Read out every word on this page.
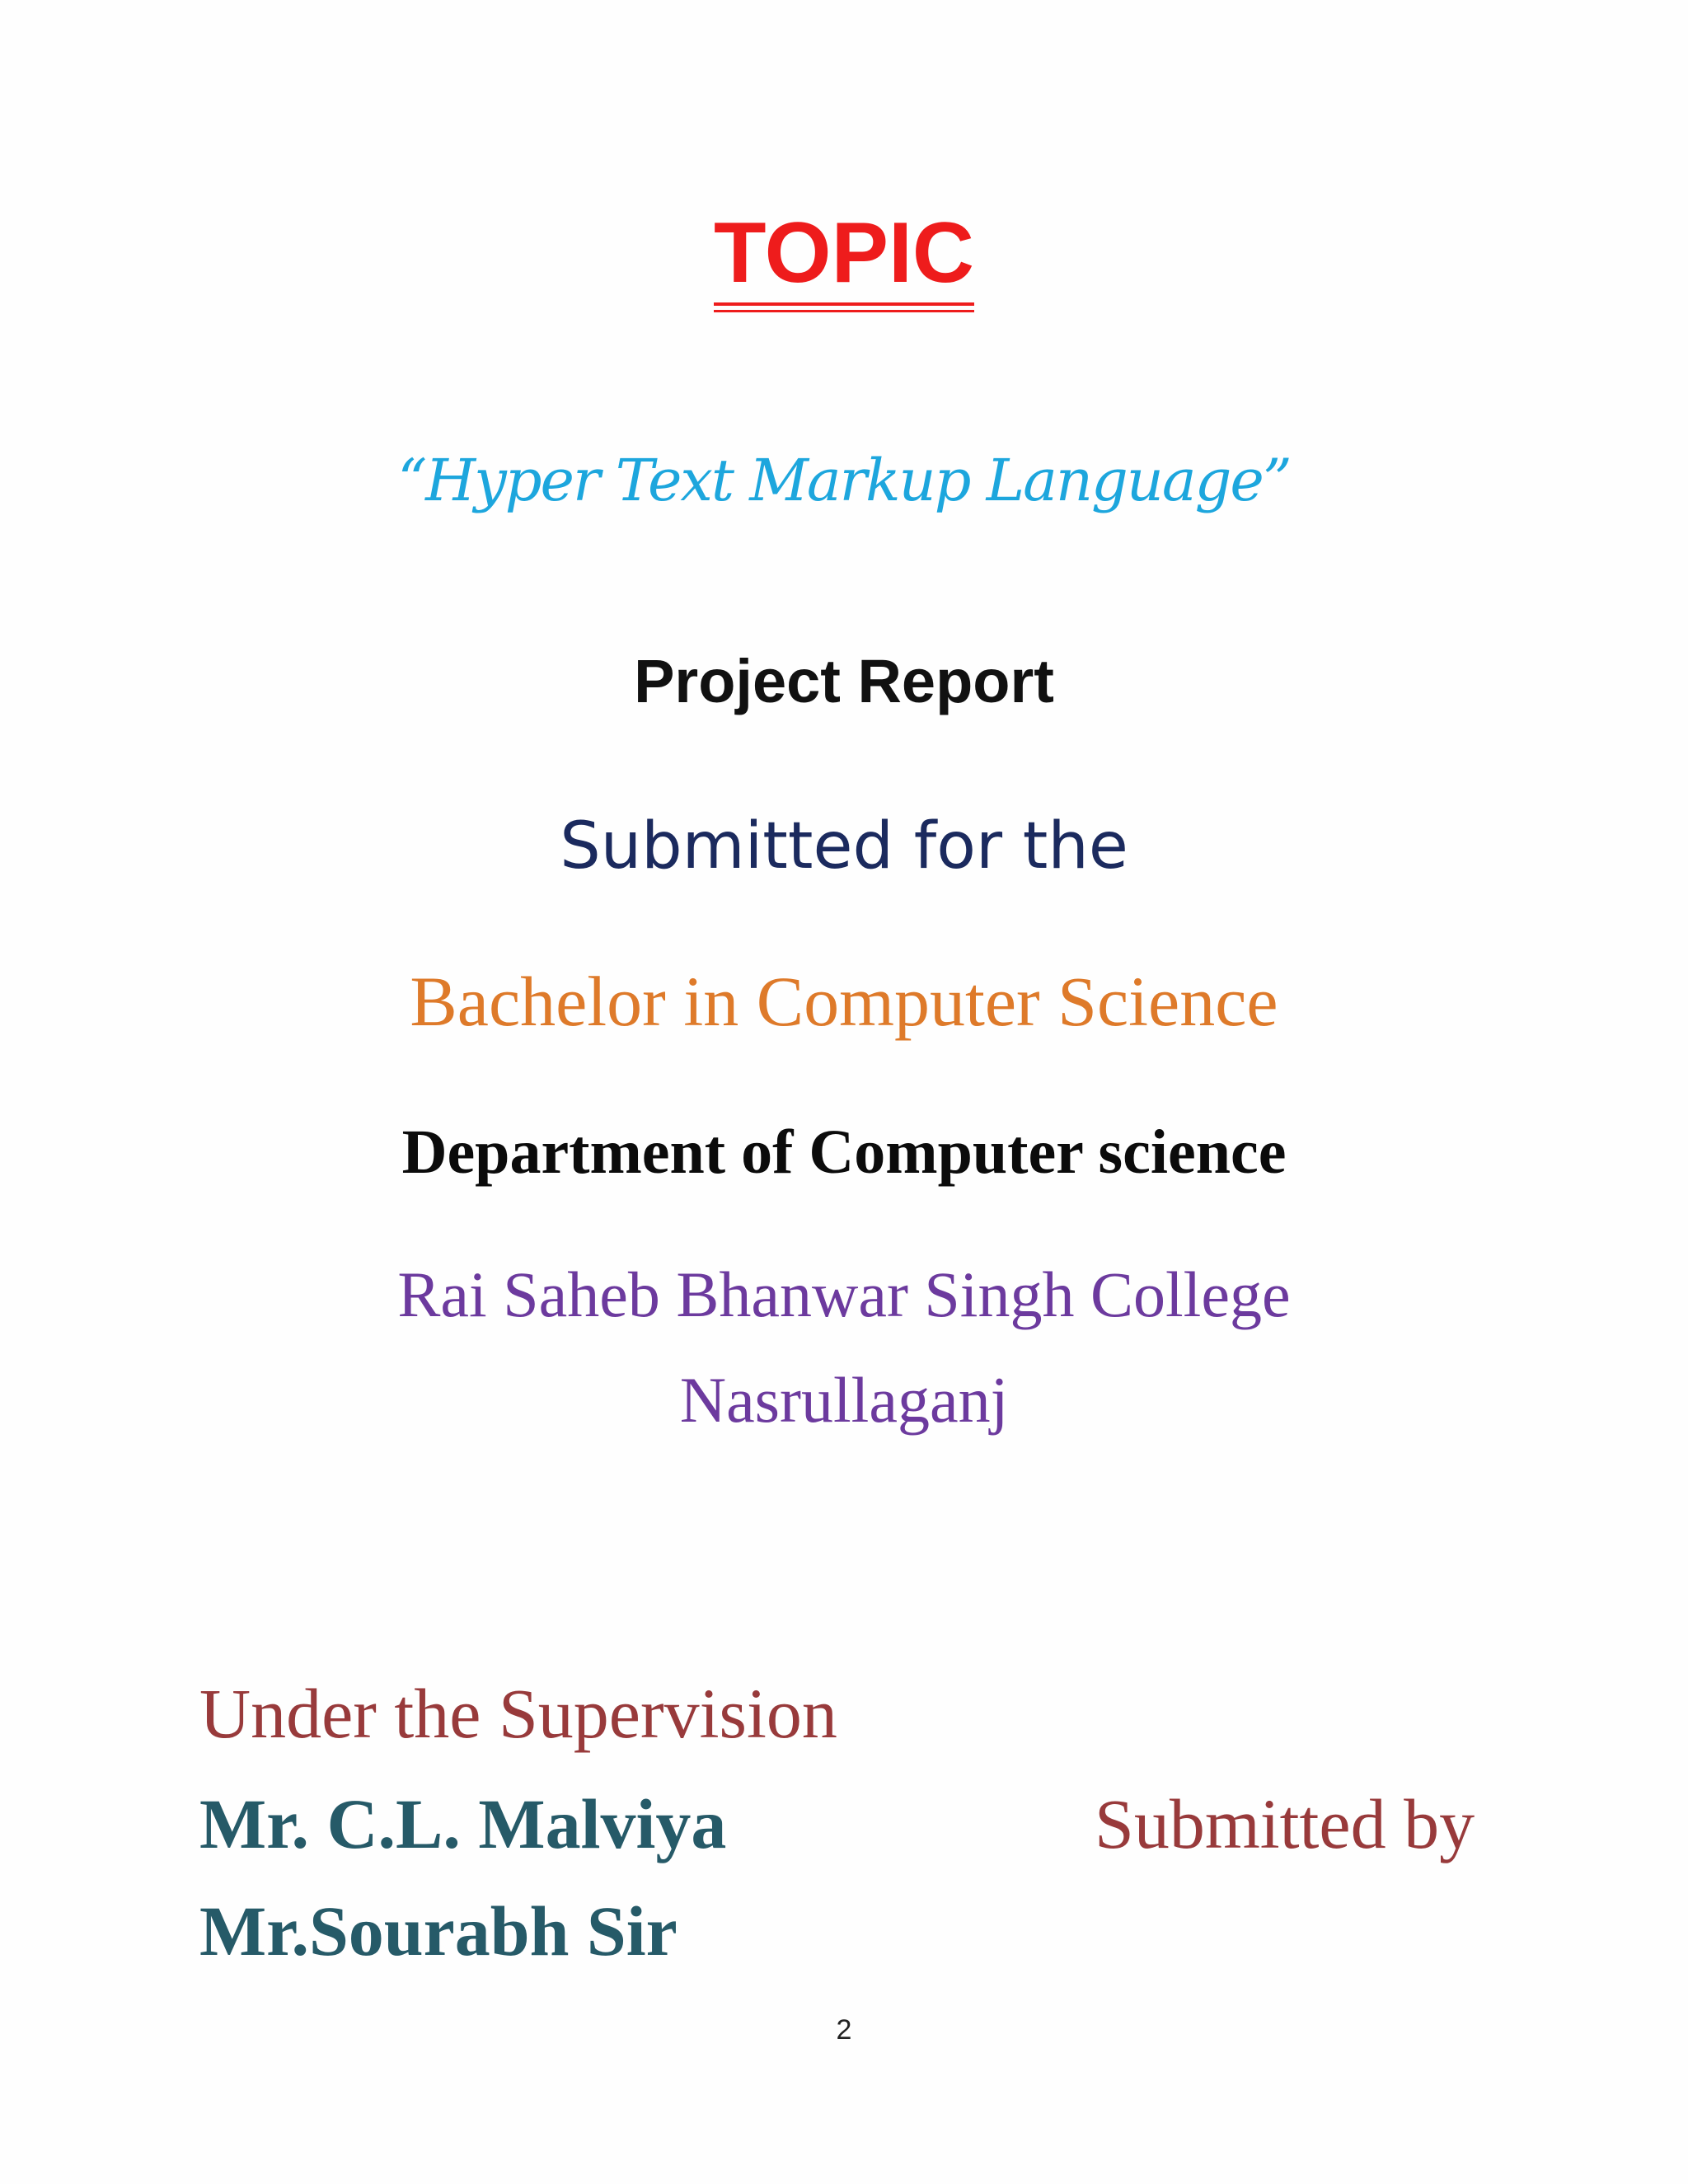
TOPIC
“Hyper Text Markup Language”
Project Report
Submitted for the
Bachelor in Computer Science
Department of Computer science
Rai Saheb Bhanwar Singh College
Nasrullaganj
Under the Supervision
Mr. C.L. Malviya	Submitted by
Mr.Sourabh Sir
2
